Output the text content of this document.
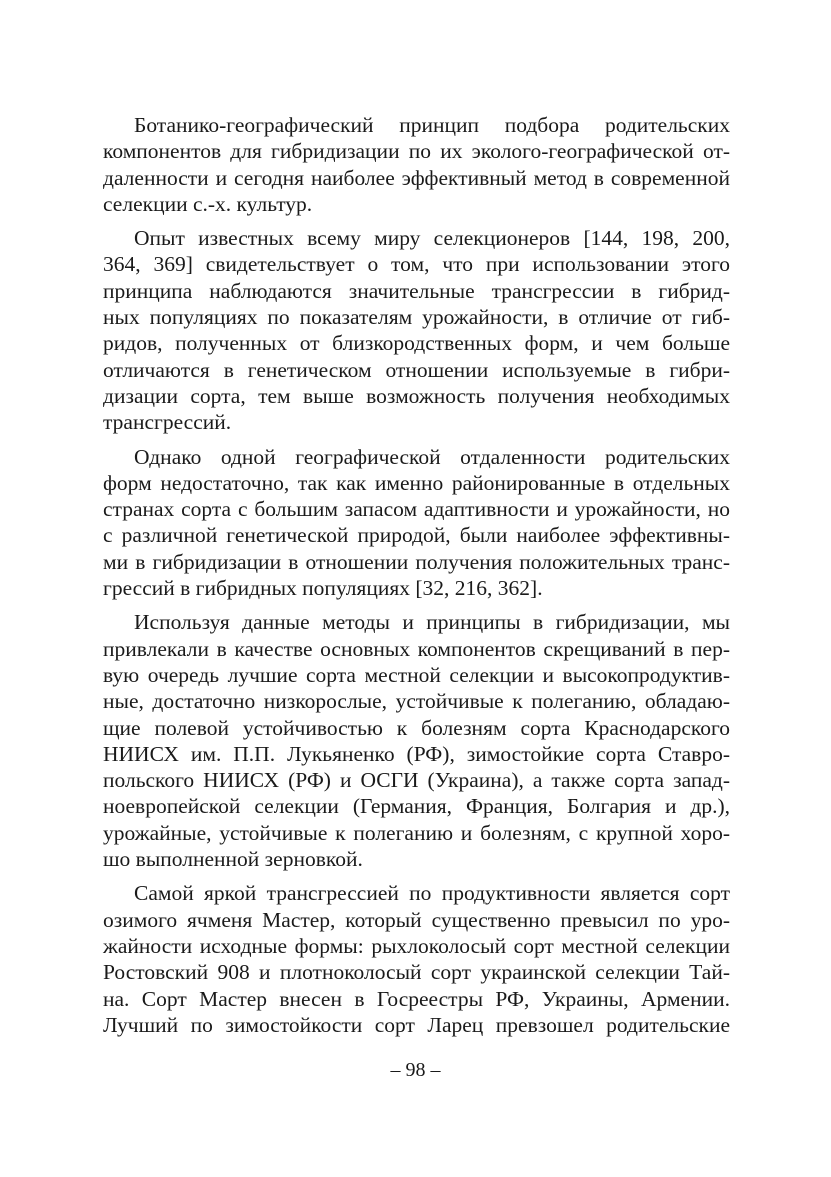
Ботанико-географический принцип подбора родительских
компонентов для гибридизации по их эколого-географической от-
даленности и сегодня наиболее эффективный метод в современной
селекции с.-х. культур.
Опыт известных всему миру селекционеров [144, 198, 200,
364, 369] свидетельствует о том, что при использовании этого
принципа наблюдаются значительные трансгрессии в гибрид-
ных популяциях по показателям урожайности, в отличие от гиб-
ридов, полученных от близкородственных форм, и чем больше
отличаются в генетическом отношении используемые в гибри-
дизации сорта, тем выше возможность получения необходимых
трансгрессий.
Однако одной географической отдаленности родительских
форм недостаточно, так как именно районированные в отдельных
странах сорта с большим запасом адаптивности и урожайности, но
с различной генетической природой, были наиболее эффективны-
ми в гибридизации в отношении получения положительных транс-
грессий в гибридных популяциях [32, 216, 362].
Используя данные методы и принципы в гибридизации, мы
привлекали в качестве основных компонентов скрещиваний в пер-
вую очередь лучшие сорта местной селекции и высокопродуктив-
ные, достаточно низкорослые, устойчивые к полеганию, обладаю-
щие полевой устойчивостью к болезням сорта Краснодарского
НИИСХ им. П.П. Лукьяненко (РФ), зимостойкие сорта Ставро-
польского НИИСХ (РФ) и ОСГИ (Украина), а также сорта запад-
ноевропейской селекции (Германия, Франция, Болгария и др.),
урожайные, устойчивые к полеганию и болезням, с крупной хоро-
шо выполненной зерновкой.
Самой яркой трансгрессией по продуктивности является сорт
озимого ячменя Мастер, который существенно превысил по уро-
жайности исходные формы: рыхлоколосый сорт местной селекции
Ростовский 908 и плотноколосый сорт украинской селекции Тай-
на. Сорт Мастер внесен в Госреестры РФ, Украины, Армении.
Лучший по зимостойкости сорт Ларец превзошел родительские
– 98 –
